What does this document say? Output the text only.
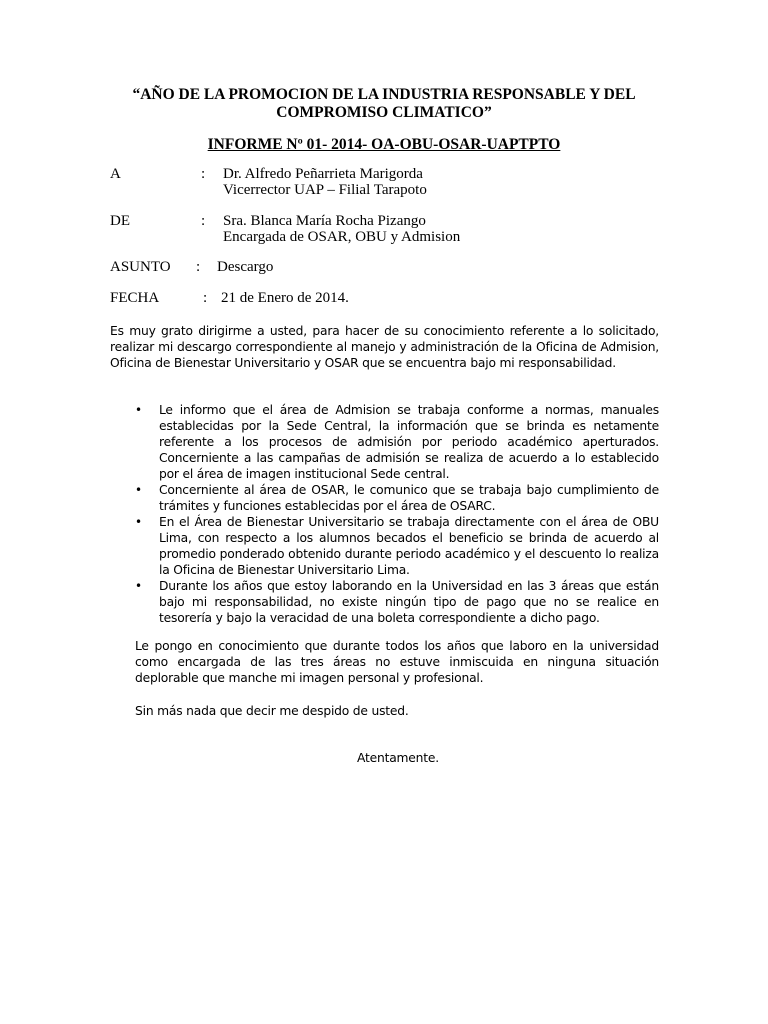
“AÑO DE LA PROMOCION DE LA INDUSTRIA RESPONSABLE Y DEL
COMPROMISO CLIMATICO”
INFORME Nº 01- 2014- OA-OBU-OSAR-UAPTPTO
A	: Dr. Alfredo Peñarrieta Marigorda
Vicerrector UAP – Filial Tarapoto
DE	: Sra. Blanca María Rocha Pizango
Encargada de OSAR, OBU y Admision
ASUNTO : Descargo
FECHA	: 21 de Enero de 2014.
Es muy grato dirigirme a usted, para hacer de su conocimiento referente a lo solicitado, realizar mi descargo correspondiente al manejo y administración de la Oficina de Admision, Oficina de Bienestar Universitario y OSAR que se encuentra bajo mi responsabilidad.
• Le informo que el área de Admision se trabaja conforme a normas, manuales establecidas por la Sede Central, la información que se brinda es netamente referente a los procesos de admisión por periodo académico aperturados. Concerniente a las campañas de admisión se realiza de acuerdo a lo establecido por el área de imagen institucional Sede central.
• Concerniente al área de OSAR, le comunico que se trabaja bajo cumplimiento de trámites y funciones establecidas por el área de OSARC.
• En el Área de Bienestar Universitario se trabaja directamente con el área de OBU Lima, con respecto a los alumnos becados el beneficio se brinda de acuerdo al promedio ponderado obtenido durante periodo académico y el descuento lo realiza la Oficina de Bienestar Universitario Lima.
• Durante los años que estoy laborando en la Universidad en las 3 áreas que están bajo mi responsabilidad, no existe ningún tipo de pago que no se realice en tesorería y bajo la veracidad de una boleta correspondiente a dicho pago.
Le pongo en conocimiento que durante todos los años que laboro en la universidad como encargada de las tres áreas no estuve inmiscuida en ninguna situación deplorable que manche mi imagen personal y profesional.
Sin más nada que decir me despido de usted.
Atentamente.
